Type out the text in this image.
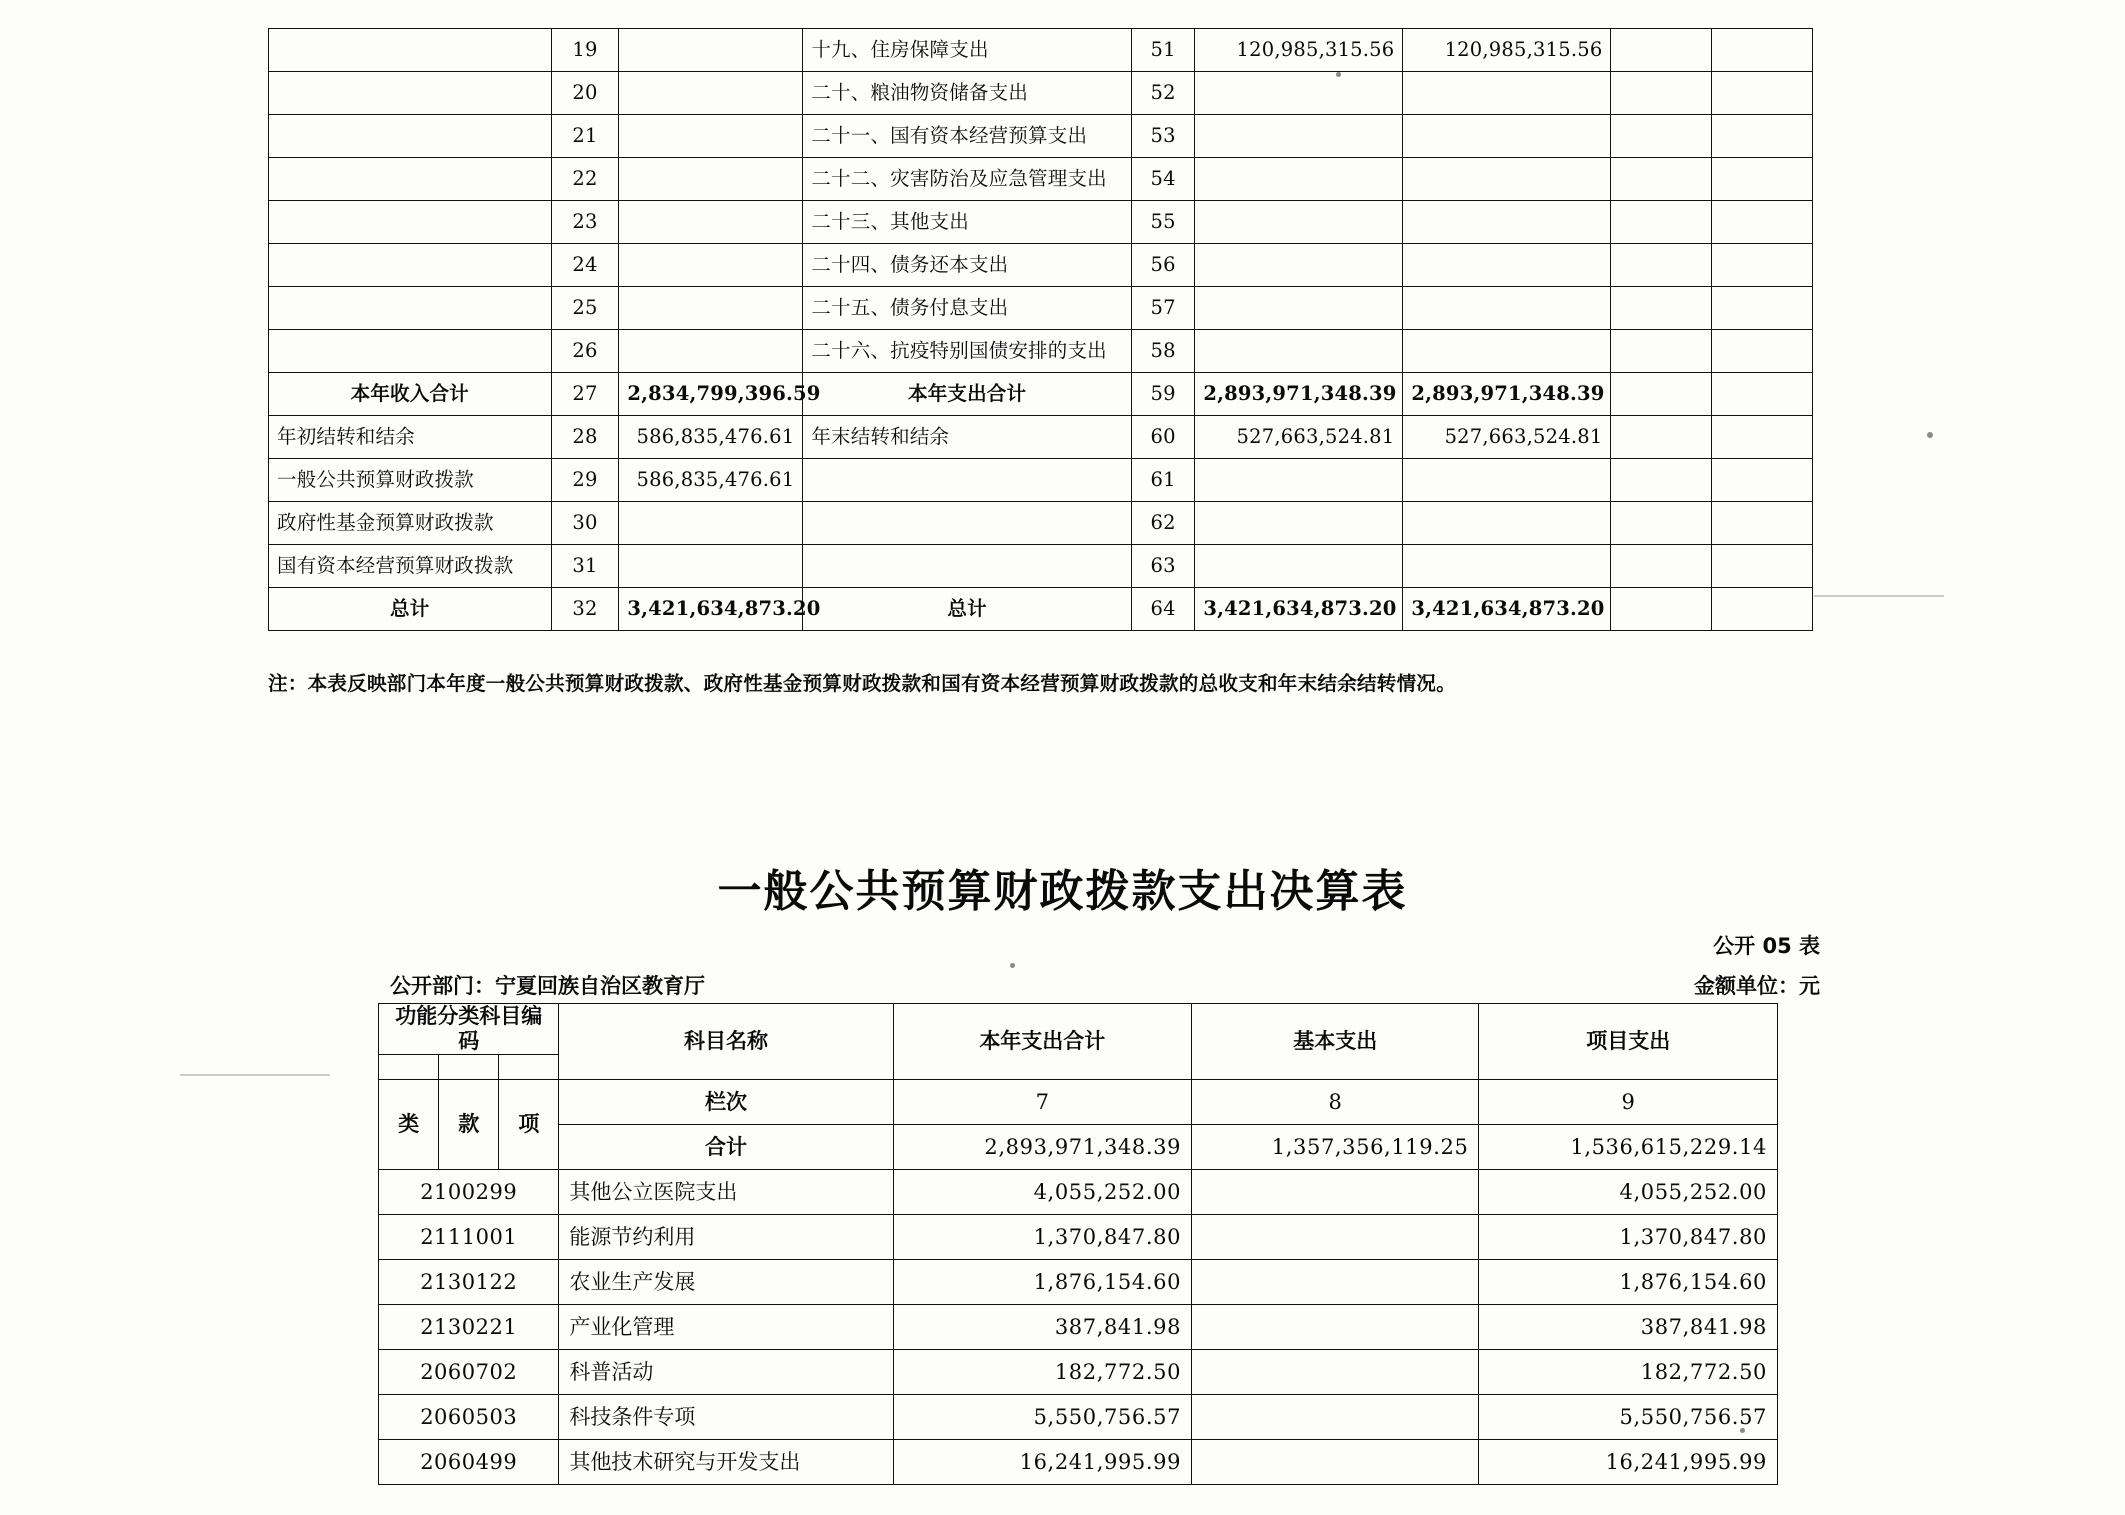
	19		十九、住房保障支出	51	120,985,315.56	120,985,315.56		
	20		二十、粮油物资储备支出	52				
	21		二十一、国有资本经营预算支出	53				
	22		二十二、灾害防治及应急管理支出	54				
	23		二十三、其他支出	55				
	24		二十四、债务还本支出	56				
	25		二十五、债务付息支出	57				
	26		二十六、抗疫特别国债安排的支出	58				
本年收入合计	27	2,834,799,396.59	本年支出合计	59	2,893,971,348.39	2,893,971,348.39		
年初结转和结余	28	586,835,476.61	年末结转和结余	60	527,663,524.81	527,663,524.81		
一般公共预算财政拨款	29	586,835,476.61		61				
政府性基金预算财政拨款	30			62				
国有资本经营预算财政拨款	31			63				
总计	32	3,421,634,873.20	总计	64	3,421,634,873.20	3,421,634,873.20		
注：本表反映部门本年度一般公共预算财政拨款、政府性基金预算财政拨款和国有资本经营预算财政拨款的总收支和年末结余结转情况。
一般公共预算财政拨款支出决算表
公开 05 表
公开部门：宁夏回族自治区教育厅	金额单位：元
功能分类科目编码			科目名称	本年支出合计	基本支出	项目支出

类	款	项	栏次	7	8	9
			合计	2,893,971,348.39	1,357,356,119.25	1,536,615,229.14
2100299			其他公立医院支出	4,055,252.00		4,055,252.00
2111001			能源节约利用	1,370,847.80		1,370,847.80
2130122			农业生产发展	1,876,154.60		1,876,154.60
2130221			产业化管理	387,841.98		387,841.98
2060702			科普活动	182,772.50		182,772.50
2060503			科技条件专项	5,550,756.57		5,550,756.57
2060499			其他技术研究与开发支出	16,241,995.99		16,241,995.99
